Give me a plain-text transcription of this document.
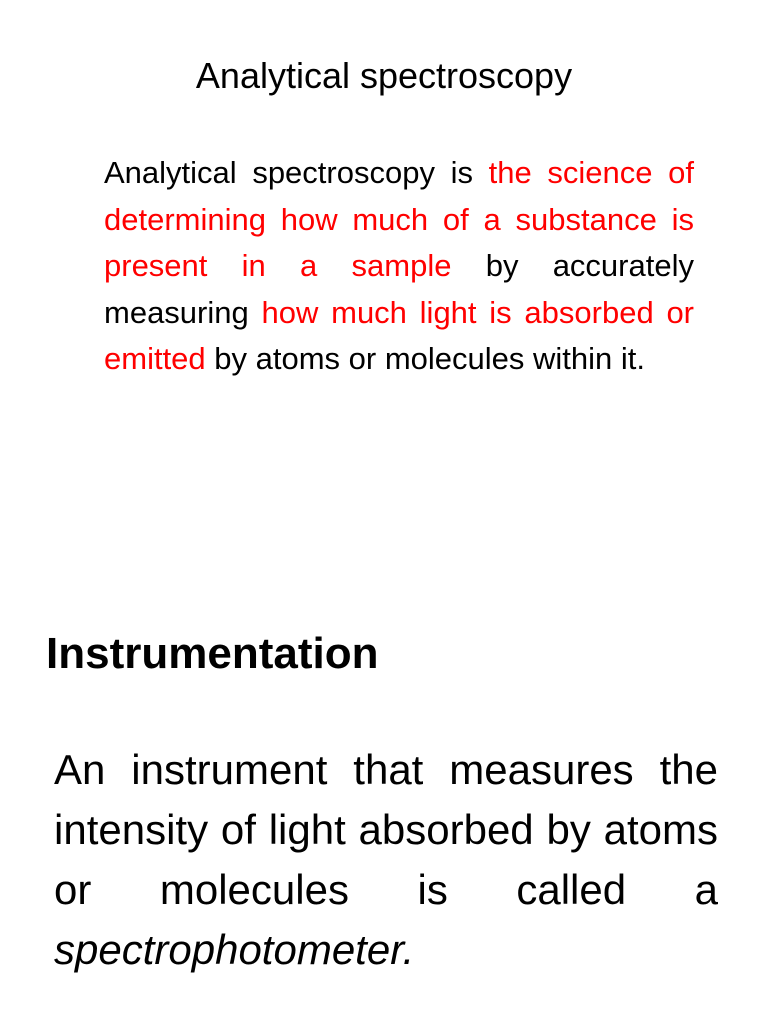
Analytical spectroscopy

Analytical spectroscopy is the science of determining how much of a substance is present in a sample by accurately measuring how much light is absorbed or emitted by atoms or molecules within it.

Instrumentation

An instrument that measures the intensity of light absorbed by atoms or molecules is called a spectrophotometer.
